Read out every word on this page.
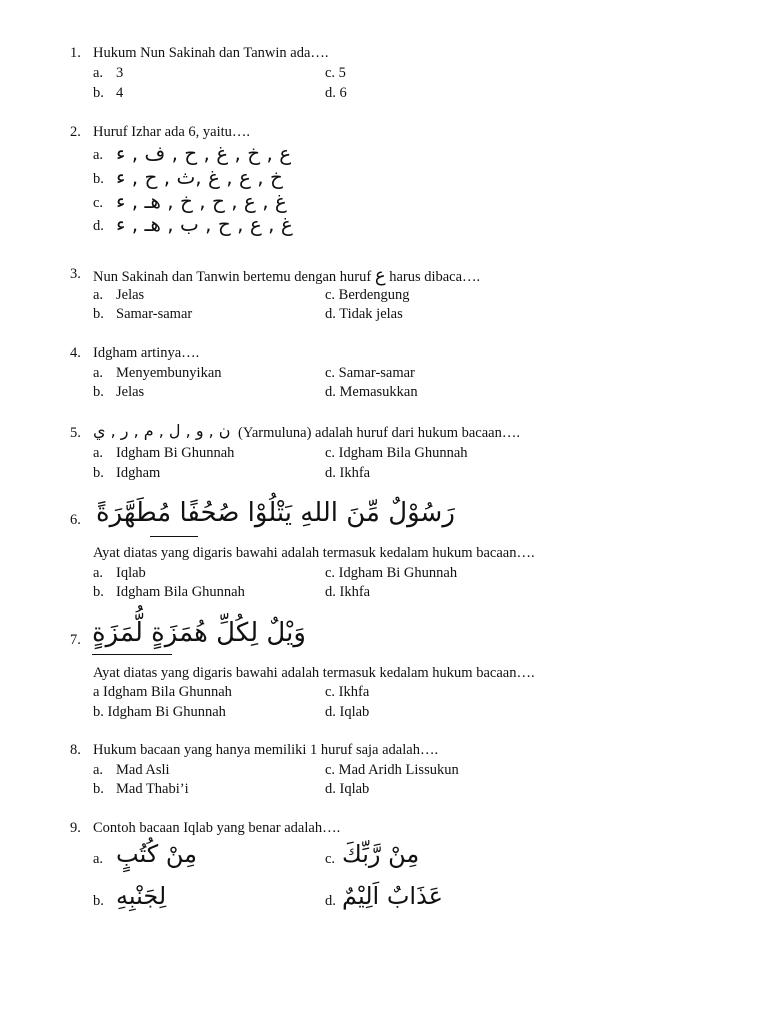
1. Hukum Nun Sakinah dan Tanwin ada….
a. 3	c. 5
b. 4	d. 6
2. Huruf Izhar ada 6, yaitu….
a. ع , خ , غ , ح , ف , ء
b. خ , ع , غ ,ث , ح , ء
c. غ , ع , ح , خ , هـ , ء
d. غ , ع , ح , ب , هـ , ء
3. Nun Sakinah dan Tanwin bertemu dengan huruf ع harus dibaca….
a. Jelas	c. Berdengung
b. Samar-samar	d. Tidak jelas
4. Idgham artinya….
a. Menyembunyikan	c. Samar-samar
b. Jelas	d. Memasukkan
5. ن , و , ل , م , ر , ي (Yarmuluna) adalah huruf dari hukum bacaan….
a. Idgham Bi Ghunnah	c. Idgham Bila Ghunnah
b. Idgham	d. Ikhfa
6. رَسُوْلٌ مِّنَ اللهِ يَتْلُوْا صُحُفًا مُطَهَّرَةً
Ayat diatas yang digaris bawahi adalah termasuk kedalam hukum bacaan….
a. Iqlab	c. Idgham Bi Ghunnah
b. Idgham Bila Ghunnah	d. Ikhfa
7. وَيْلٌ لِكُلِّ هُمَزَةٍ لُّمَزَةٍ
Ayat diatas yang digaris bawahi adalah termasuk kedalam hukum bacaan….
a Idgham Bila Ghunnah	c. Ikhfa
b. Idgham Bi Ghunnah	d. Iqlab
8. Hukum bacaan yang hanya memiliki 1 huruf saja adalah….
a. Mad Asli	c. Mad Aridh Lissukun
b. Mad Thabi’i	d. Iqlab
9. Contoh bacaan Iqlab yang benar adalah….
a. مِنْ كُتُبٍ	c. مِنْ رَّبِّكَ
b. لِجَنْبِهِ	d. عَذَابٌ اَلِيْمٌ
